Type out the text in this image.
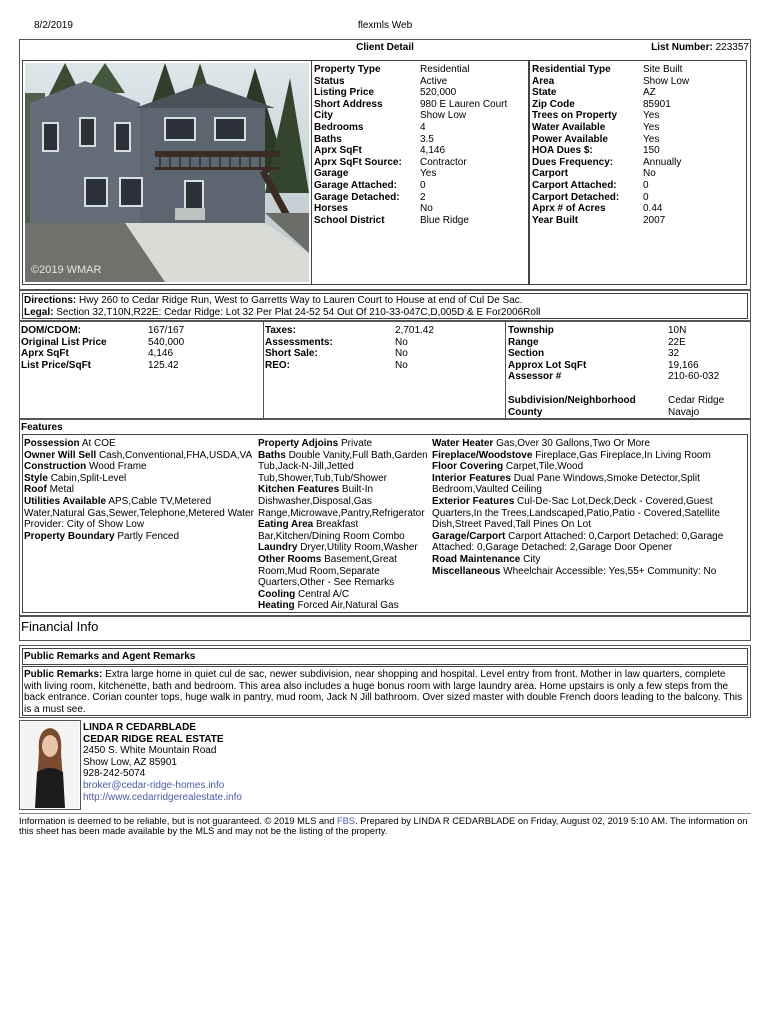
8/2/2019	flexmls Web
Client Detail	List Number: 223357
©2019 WMAR
Property Type	Residential
Status	Active
Listing Price	520,000
Short Address	980 E Lauren Court
City	Show Low
Bedrooms	4
Baths	3.5
Aprx SqFt	4,146
Aprx SqFt Source:	Contractor
Garage	Yes
Garage Attached:	0
Garage Detached:	2
Horses	No
School District	Blue Ridge
Residential Type	Site Built
Area	Show Low
State	AZ
Zip Code	85901
Trees on Property	Yes
Water Available	Yes
Power Available	Yes
HOA Dues $:	150
Dues Frequency:	Annually
Carport	No
Carport Attached:	0
Carport Detached:	0
Aprx # of Acres	0.44
Year Built	2007
Directions: Hwy 260 to Cedar Ridge Run, West to Garretts Way to Lauren Court to House at end of Cul De Sac.
Legal: Section 32,T10N,R22E: Cedar Ridge: Lot 32 Per Plat 24-52 54 Out Of 210-33-047C,D,005D & E For2006Roll
DOM/CDOM:	167/167
Original List Price	540,000
Aprx SqFt	4,146
List Price/SqFt	125.42
Taxes:	2,701.42
Assessments:	No
Short Sale:	No
REO:	No
Township	10N
Range	22E
Section	32
Approx Lot SqFt	19,166
Assessor #	210-60-032
Subdivision/Neighborhood	Cedar Ridge
County	Navajo
Features

Possession At COE

Owner Will Sell Cash,Conventional,FHA,USDA,VA

Construction Wood Frame

Style Cabin,Split-Level

Roof Metal

Utilities Available APS,Cable TV,Metered Water,Natural Gas,Sewer,Telephone,Metered Water Provider: City of Show Low

Property Boundary Partly Fenced

Property Adjoins Private

Baths Double Vanity,Full Bath,Garden Tub,Jack-N-Jill,Jetted Tub,Shower,Tub,Tub/Shower

Kitchen Features Built-In Dishwasher,Disposal,Gas Range,Microwave,Pantry,Refrigerator

Eating Area Breakfast Bar,Kitchen/Dining Room Combo

Laundry Dryer,Utility Room,Washer

Other Rooms Basement,Great Room,Mud Room,Separate Quarters,Other - See Remarks

Cooling Central A/C

Heating Forced Air,Natural Gas

Water Heater Gas,Over 30 Gallons,Two Or More

Fireplace/Woodstove Fireplace,Gas Fireplace,In Living Room

Floor Covering Carpet,Tile,Wood

Interior Features Dual Pane Windows,Smoke Detector,Split Bedroom,Vaulted Ceiling

Exterior Features Cul-De-Sac Lot,Deck,Deck - Covered,Guest Quarters,In the Trees,Landscaped,Patio,Patio - Covered,Satellite Dish,Street Paved,Tall Pines On Lot

Garage/Carport Carport Attached: 0,Carport Detached: 0,Garage Attached: 0,Garage Detached: 2,Garage Door Opener

Road Maintenance City

Miscellaneous Wheelchair Accessible: Yes,55+ Community: No

Financial Info
Public Remarks and Agent Remarks
Public Remarks: Extra large home in quiet cul de sac, newer subdivision, near shopping and hospital. Level entry from front. Mother in law quarters, complete with living room, kitchenette, bath and bedroom. This area also includes a huge bonus room with large laundry area. Home upstairs is only a few steps from the back entrance. Corian counter tops, huge walk in pantry, mud room, Jack N Jill bathroom. Over sized master with double French doors leading to the balcony. This is a must see.
LINDA R CEDARBLADE
CEDAR RIDGE REAL ESTATE
2450 S. White Mountain Road
Show Low, AZ 85901
928-242-5074
broker@cedar-ridge-homes.info
http://www.cedarridgerealestate.info
Information is deemed to be reliable, but is not guaranteed. © 2019 MLS and FBS. Prepared by LINDA R CEDARBLADE on Friday, August 02, 2019 5:10 AM. The information on this sheet has been made available by the MLS and may not be the listing of the property.
